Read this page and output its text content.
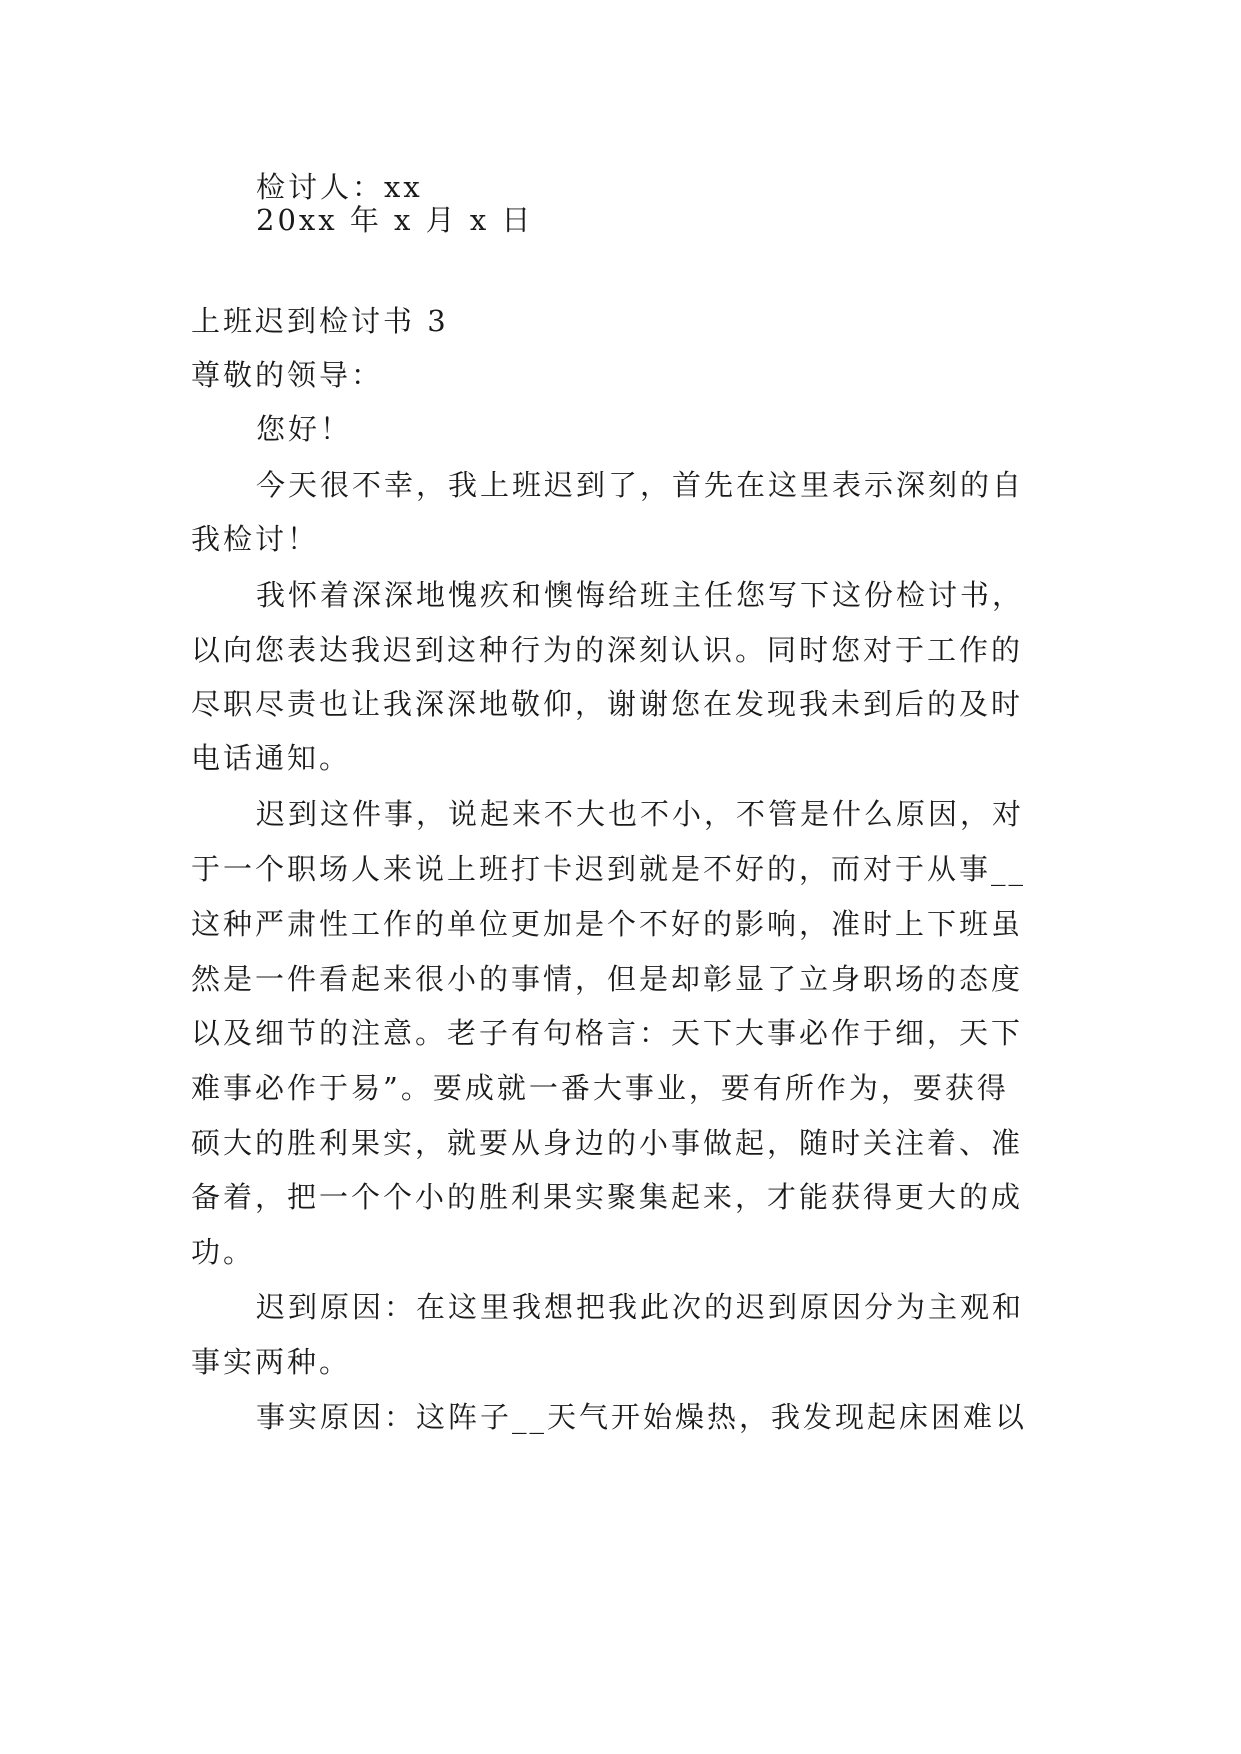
检讨人：xx
20xx 年 x 月 x 日
上班迟到检讨书 3
尊敬的领导：
您好！
今天很不幸，我上班迟到了，首先在这里表示深刻的自
我检讨！
我怀着深深地愧疚和懊悔给班主任您写下这份检讨书，
以向您表达我迟到这种行为的深刻认识。同时您对于工作的
尽职尽责也让我深深地敬仰，谢谢您在发现我未到后的及时
电话通知。
迟到这件事，说起来不大也不小，不管是什么原因，对
于一个职场人来说上班打卡迟到就是不好的，而对于从事__
这种严肃性工作的单位更加是个不好的影响，准时上下班虽
然是一件看起来很小的事情，但是却彰显了立身职场的态度
以及细节的注意。老子有句格言：天下大事必作于细，天下
难事必作于易”。要成就一番大事业，要有所作为，要获得
硕大的胜利果实，就要从身边的小事做起，随时关注着、准
备着，把一个个小的胜利果实聚集起来，才能获得更大的成
功。
迟到原因：在这里我想把我此次的迟到原因分为主观和
事实两种。
事实原因：这阵子__天气开始燥热，我发现起床困难以
